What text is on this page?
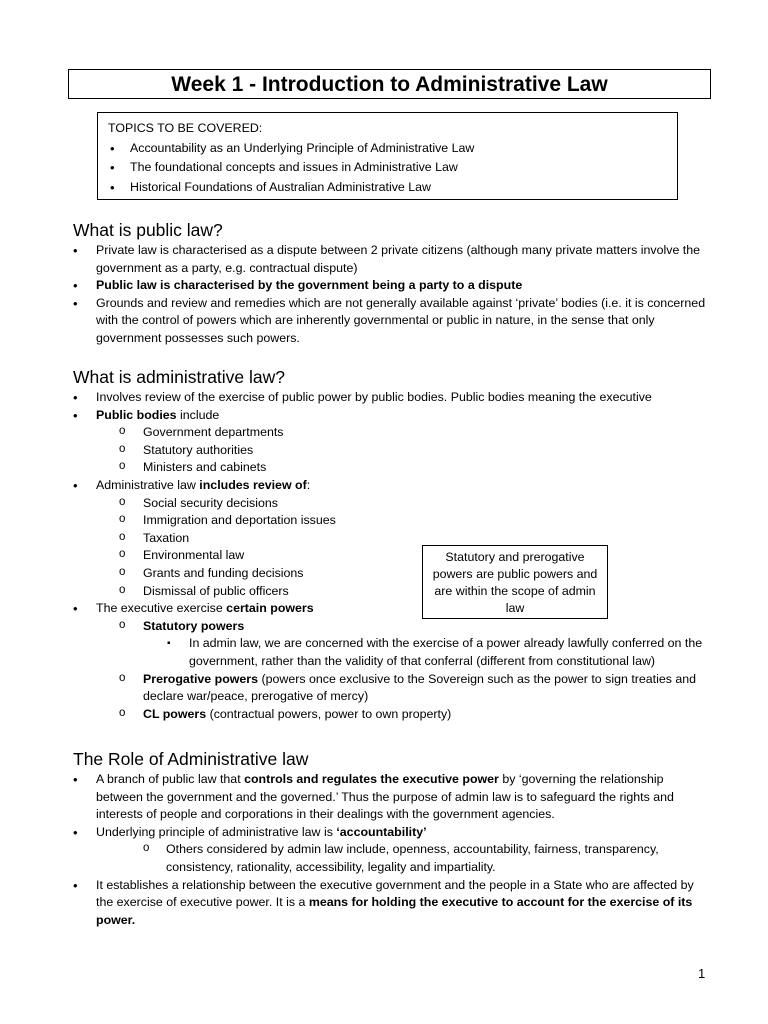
Week 1 - Introduction to Administrative Law
TOPICS TO BE COVERED:
• Accountability as an Underlying Principle of Administrative Law
• The foundational concepts and issues in Administrative Law
• Historical Foundations of Australian Administrative Law
What is public law?
• Private law is characterised as a dispute between 2 private citizens (although many private matters involve the government as a party, e.g. contractual dispute)
• Public law is characterised by the government being a party to a dispute
• Grounds and review and remedies which are not generally available against ‘private’ bodies (i.e. it is concerned with the control of powers which are inherently governmental or public in nature, in the sense that only government possesses such powers.
What is administrative law?
• Involves review of the exercise of public power by public bodies. Public bodies meaning the executive
• Public bodies include
o Government departments
o Statutory authorities
o Ministers and cabinets
• Administrative law includes review of:
o Social security decisions
o Immigration and deportation issues
o Taxation
o Environmental law
o Grants and funding decisions
o Dismissal of public officers
• The executive exercise certain powers
o Statutory powers
▪ In admin law, we are concerned with the exercise of a power already lawfully conferred on the government, rather than the validity of that conferral (different from constitutional law)
o Prerogative powers (powers once exclusive to the Sovereign such as the power to sign treaties and declare war/peace, prerogative of mercy)
o CL powers (contractual powers, power to own property)
Statutory and prerogative powers are public powers and are within the scope of admin law
The Role of Administrative law
• A branch of public law that controls and regulates the executive power by ‘governing the relationship between the government and the governed.’ Thus the purpose of admin law is to safeguard the rights and interests of people and corporations in their dealings with the government agencies.
• Underlying principle of administrative law is ‘accountability’
o Others considered by admin law include, openness, accountability, fairness, transparency, consistency, rationality, accessibility, legality and impartiality.
• It establishes a relationship between the executive government and the people in a State who are affected by the exercise of executive power. It is a means for holding the executive to account for the exercise of its power.
1
